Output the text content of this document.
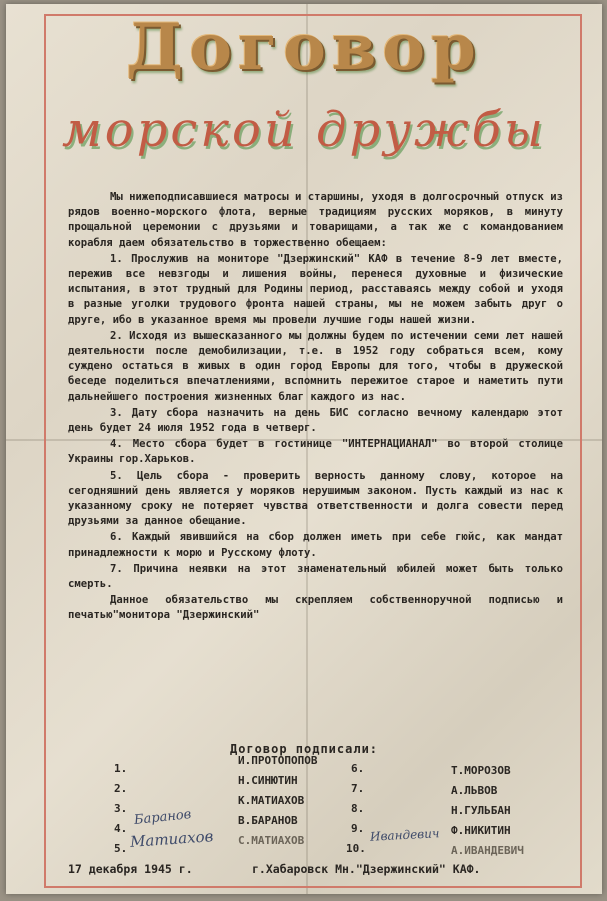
Договор
морской дружбы

Мы нижеподписавшиеся матросы и старшины, уходя в долгосрочный отпуск из рядов военно-морского флота, верные традициям русских моряков, в минуту прощальной церемонии с друзьями и товарищами, а так же с командованием корабля даем обязательство в торжественно обещаем:

1. Прослужив на мониторе "Дзержинский" КАФ в течение 8-9 лет вместе, пережив все невзгоды и лишения войны, перенеся духовные и физические испытания, в этот трудный для Родины период, расставаясь между собой и уходя в разные уголки трудового фронта нашей страны, мы не можем забыть друг о друге, ибо в указанное время мы провели лучшие годы нашей жизни.

2. Исходя из вышесказанного мы должны будем по истечении семи лет нашей деятельности после демобилизации, т.е. в 1952 году собраться всем, кому суждено остаться в живых в один город Европы для того, чтобы в дружеской беседе поделиться впечатлениями, вспомнить пережитое старое и наметить пути дальнейшего построения жизненных благ каждого из нас.

3. Дату сбора назначить на день БИС согласно вечному календарю этот день будет 24 июля 1952 года в четверг.

4. Место сбора будет в гостинице "ИНТЕРНАЦИАНАЛ" во второй столице Украины гор.Харьков.

5. Цель сбора - проверить верность данному слову, которое на сегодняшний день является у моряков нерушимым законом. Пусть каждый из нас к указанному сроку не потеряет чувства ответственности и долга совести перед друзьями за данное обещание.

6. Каждый явившийся на сбор должен иметь при себе гюйс, как мандат принадлежности к морю и Русскому флоту.

7. Причина неявки на этот знаменательный юбилей может быть только смерть.

Данное обязательство мы скрепляем собственноручной подписью и печатью"монитора "Дзержинский"

Договор подписали:
1.
2.
3.
4.
5.
И.ПРОТОПОПОВ
Н.СИНЮТИН
К.МАТИАХОВ
В.БАРАНОВ
С.МАТИАХОВ
6.
7.
8.
9.
10.
Т.МОРОЗОВ
А.ЛЬВОВ
Н.ГУЛЬБАН
Ф.НИКИТИН
А.ИВАНДЕВИЧ
Баранов
Матиахов	Ивандевич
17 декабря 1945 г.	г.Хабаровск Мн."Дзержинский" КАФ.
